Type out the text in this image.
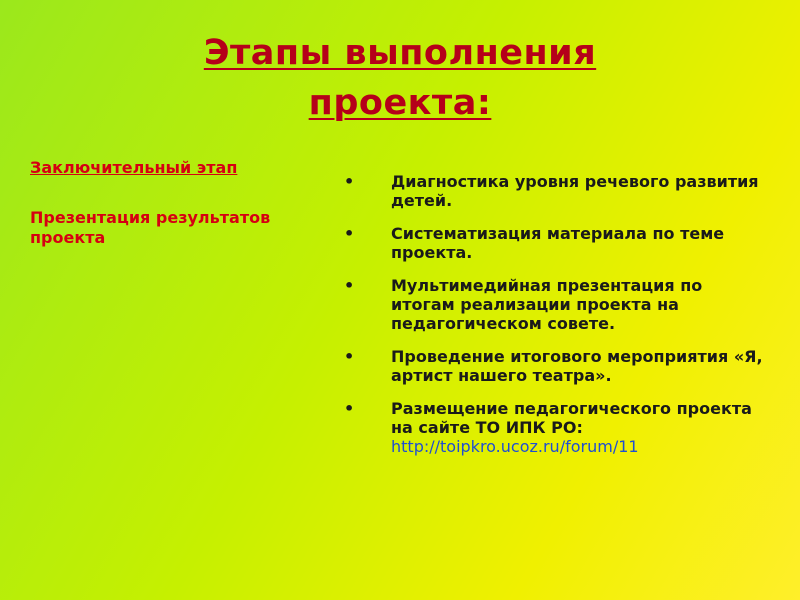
Этапы выполнения
проекта:
Заключительный этап
Презентация результатов проекта
•	Диагностика уровня речевого развития детей.
•	Систематизация материала по теме проекта.
•	Мультимедийная презентация по итогам реализации проекта на педагогическом совете.
•	Проведение итогового мероприятия «Я, артист нашего театра».
•	Размещение педагогического проекта на сайте ТО ИПК РО:
http://toipkro.ucoz.ru/forum/11
